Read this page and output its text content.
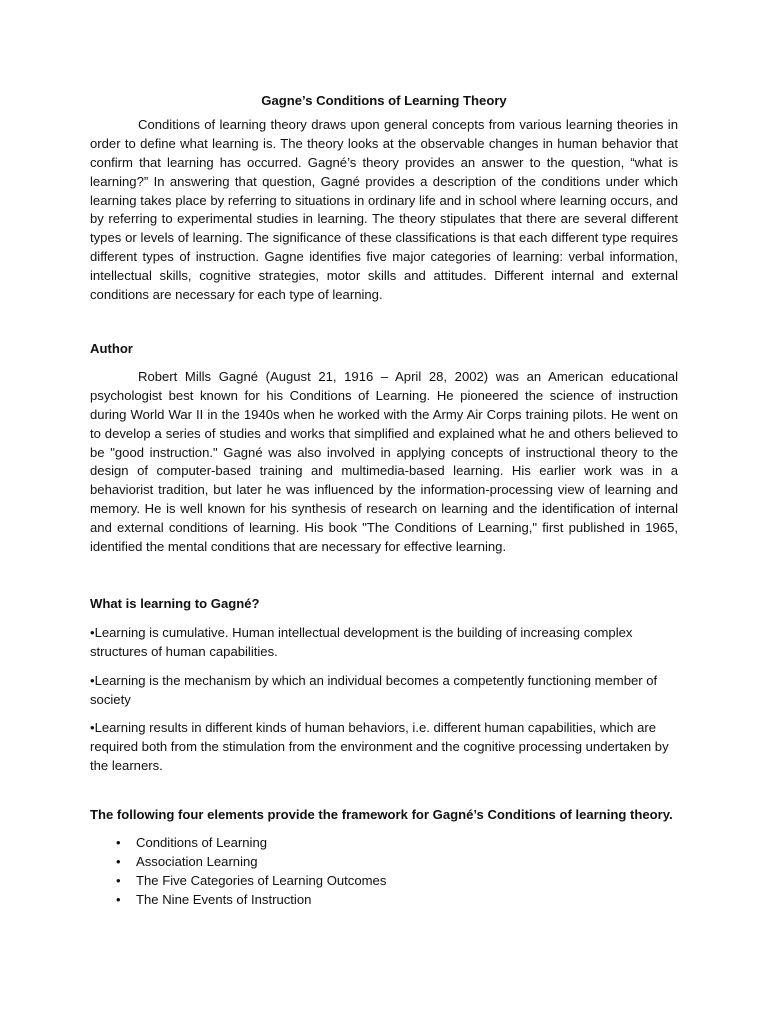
Gagne’s Conditions of Learning Theory

Conditions of learning theory draws upon general concepts from various learning theories in order to define what learning is. The theory looks at the observable changes in human behavior that confirm that learning has occurred. Gagné’s theory provides an answer to the question, “what is learning?” In answering that question, Gagné provides a description of the conditions under which learning takes place by referring to situations in ordinary life and in school where learning occurs, and by referring to experimental studies in learning. The theory stipulates that there are several different types or levels of learning. The significance of these classifications is that each different type requires different types of instruction. Gagne identifies five major categories of learning: verbal information, intellectual skills, cognitive strategies, motor skills and attitudes. Different internal and external conditions are necessary for each type of learning.

Author

Robert Mills Gagné (August 21, 1916 – April 28, 2002) was an American educational psychologist best known for his Conditions of Learning. He pioneered the science of instruction during World War II in the 1940s when he worked with the Army Air Corps training pilots. He went on to develop a series of studies and works that simplified and explained what he and others believed to be "good instruction." Gagné was also involved in applying concepts of instructional theory to the design of computer-based training and multimedia-based learning. His earlier work was in a behaviorist tradition, but later he was influenced by the information-processing view of learning and memory. He is well known for his synthesis of research on learning and the identification of internal and external conditions of learning. His book "The Conditions of Learning," first published in 1965, identified the mental conditions that are necessary for effective learning.

What is learning to Gagné?

•Learning is cumulative. Human intellectual development is the building of increasing complex structures of human capabilities.

•Learning is the mechanism by which an individual becomes a competently functioning member of society

•Learning results in different kinds of human behaviors, i.e. different human capabilities, which are required both from the stimulation from the environment and the cognitive processing undertaken by the learners.

The following four elements provide the framework for Gagné’s Conditions of learning theory.

• Conditions of Learning
• Association Learning
• The Five Categories of Learning Outcomes
• The Nine Events of Instruction
